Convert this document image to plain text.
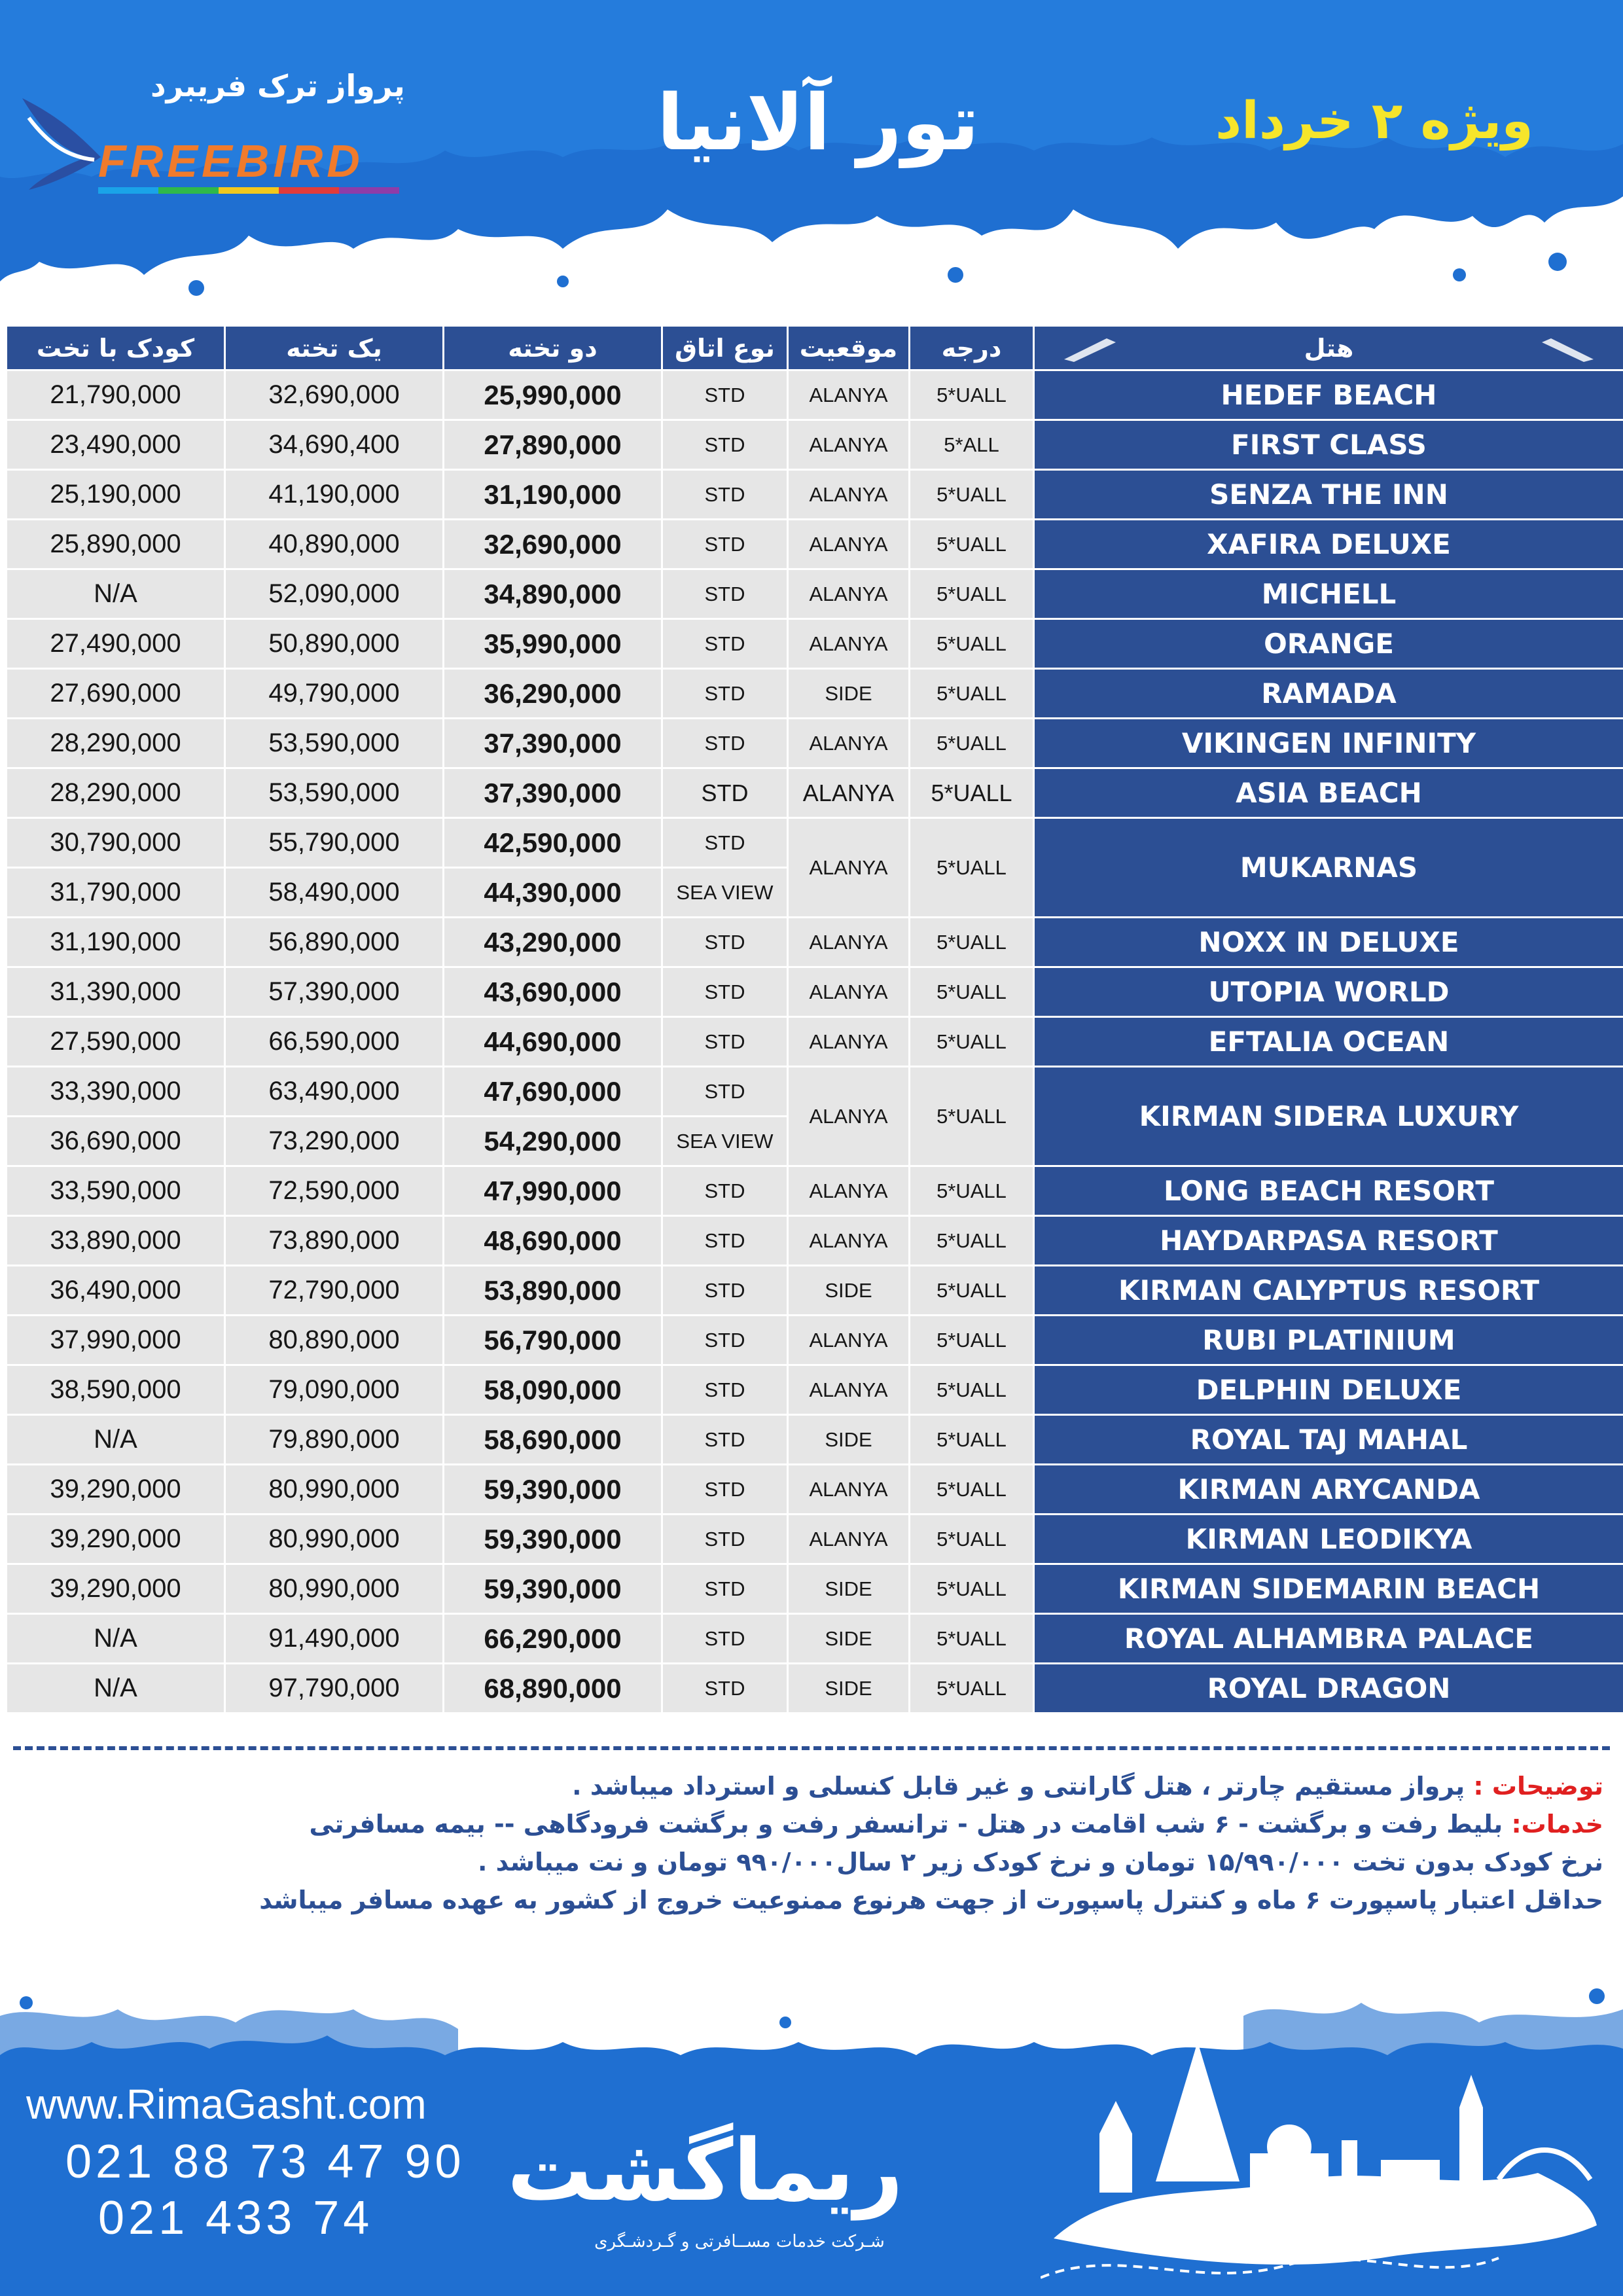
پرواز ترک فریبرد
FREEBIRD	تور آلانیا	ویژه ۲ خرداد
کودک با تخت	یک تخته	دو تخته	نوع اتاق	موقعیت	درجه	هتل

21,790,000	32,690,000	25,990,000	STD	ALANYA	5*UALL	HEDEF BEACH
23,490,000	34,690,400	27,890,000	STD	ALANYA	5*ALL	FIRST CLASS
25,190,000	41,190,000	31,190,000	STD	ALANYA	5*UALL	SENZA THE INN
25,890,000	40,890,000	32,690,000	STD	ALANYA	5*UALL	XAFIRA DELUXE
N/A	52,090,000	34,890,000	STD	ALANYA	5*UALL	MICHELL
27,490,000	50,890,000	35,990,000	STD	ALANYA	5*UALL	ORANGE
27,690,000	49,790,000	36,290,000	STD	SIDE	5*UALL	RAMADA
28,290,000	53,590,000	37,390,000	STD	ALANYA	5*UALL	VIKINGEN INFINITY
28,290,000	53,590,000	37,390,000	STD	ALANYA	5*UALL	ASIA BEACH
30,790,000	55,790,000	42,590,000	STD	ALANYA	5*UALL	MUKARNAS
31,790,000	58,490,000	44,390,000	SEA VIEW			
31,190,000	56,890,000	43,290,000	STD	ALANYA	5*UALL	NOXX IN DELUXE
31,390,000	57,390,000	43,690,000	STD	ALANYA	5*UALL	UTOPIA WORLD
27,590,000	66,590,000	44,690,000	STD	ALANYA	5*UALL	EFTALIA OCEAN
33,390,000	63,490,000	47,690,000	STD	ALANYA	5*UALL	KIRMAN SIDERA LUXURY
36,690,000	73,290,000	54,290,000	SEA VIEW			
33,590,000	72,590,000	47,990,000	STD	ALANYA	5*UALL	LONG BEACH RESORT
33,890,000	73,890,000	48,690,000	STD	ALANYA	5*UALL	HAYDARPASA RESORT
36,490,000	72,790,000	53,890,000	STD	SIDE	5*UALL	KIRMAN CALYPTUS RESORT
37,990,000	80,890,000	56,790,000	STD	ALANYA	5*UALL	RUBI PLATINIUM
38,590,000	79,090,000	58,090,000	STD	ALANYA	5*UALL	DELPHIN DELUXE
N/A	79,890,000	58,690,000	STD	SIDE	5*UALL	ROYAL TAJ MAHAL
39,290,000	80,990,000	59,390,000	STD	ALANYA	5*UALL	KIRMAN ARYCANDA
39,290,000	80,990,000	59,390,000	STD	ALANYA	5*UALL	KIRMAN LEODIKYA
39,290,000	80,990,000	59,390,000	STD	SIDE	5*UALL	KIRMAN SIDEMARIN BEACH
N/A	91,490,000	66,290,000	STD	SIDE	5*UALL	ROYAL ALHAMBRA PALACE
N/A	97,790,000	68,890,000	STD	SIDE	5*UALL	ROYAL DRAGON
توضیحات : پرواز مستقیم چارتر ، هتل گارانتی و غیر قابل کنسلی و استرداد میباشد .
خدمات: بلیط رفت و برگشت - ۶ شب اقامت در هتل - ترانسفر رفت و برگشت فرودگاهی -- بیمه مسافرتی
نرخ کودک بدون تخت ۱۵/۹۹۰/۰۰۰ تومان و نرخ کودک زیر ۲ سال۹۹۰/۰۰۰ تومان و نت میباشد .
حداقل اعتبار پاسپورت ۶ ماه و کنترل پاسپورت از جهت هرنوع ممنوعیت خروج از کشور به عهده مسافر میباشد
www.RimaGasht.com
021 88 73 47 90
021 433 74 ریماگشت
شـرکت خدمات مســافرتی و گـردشـگری
